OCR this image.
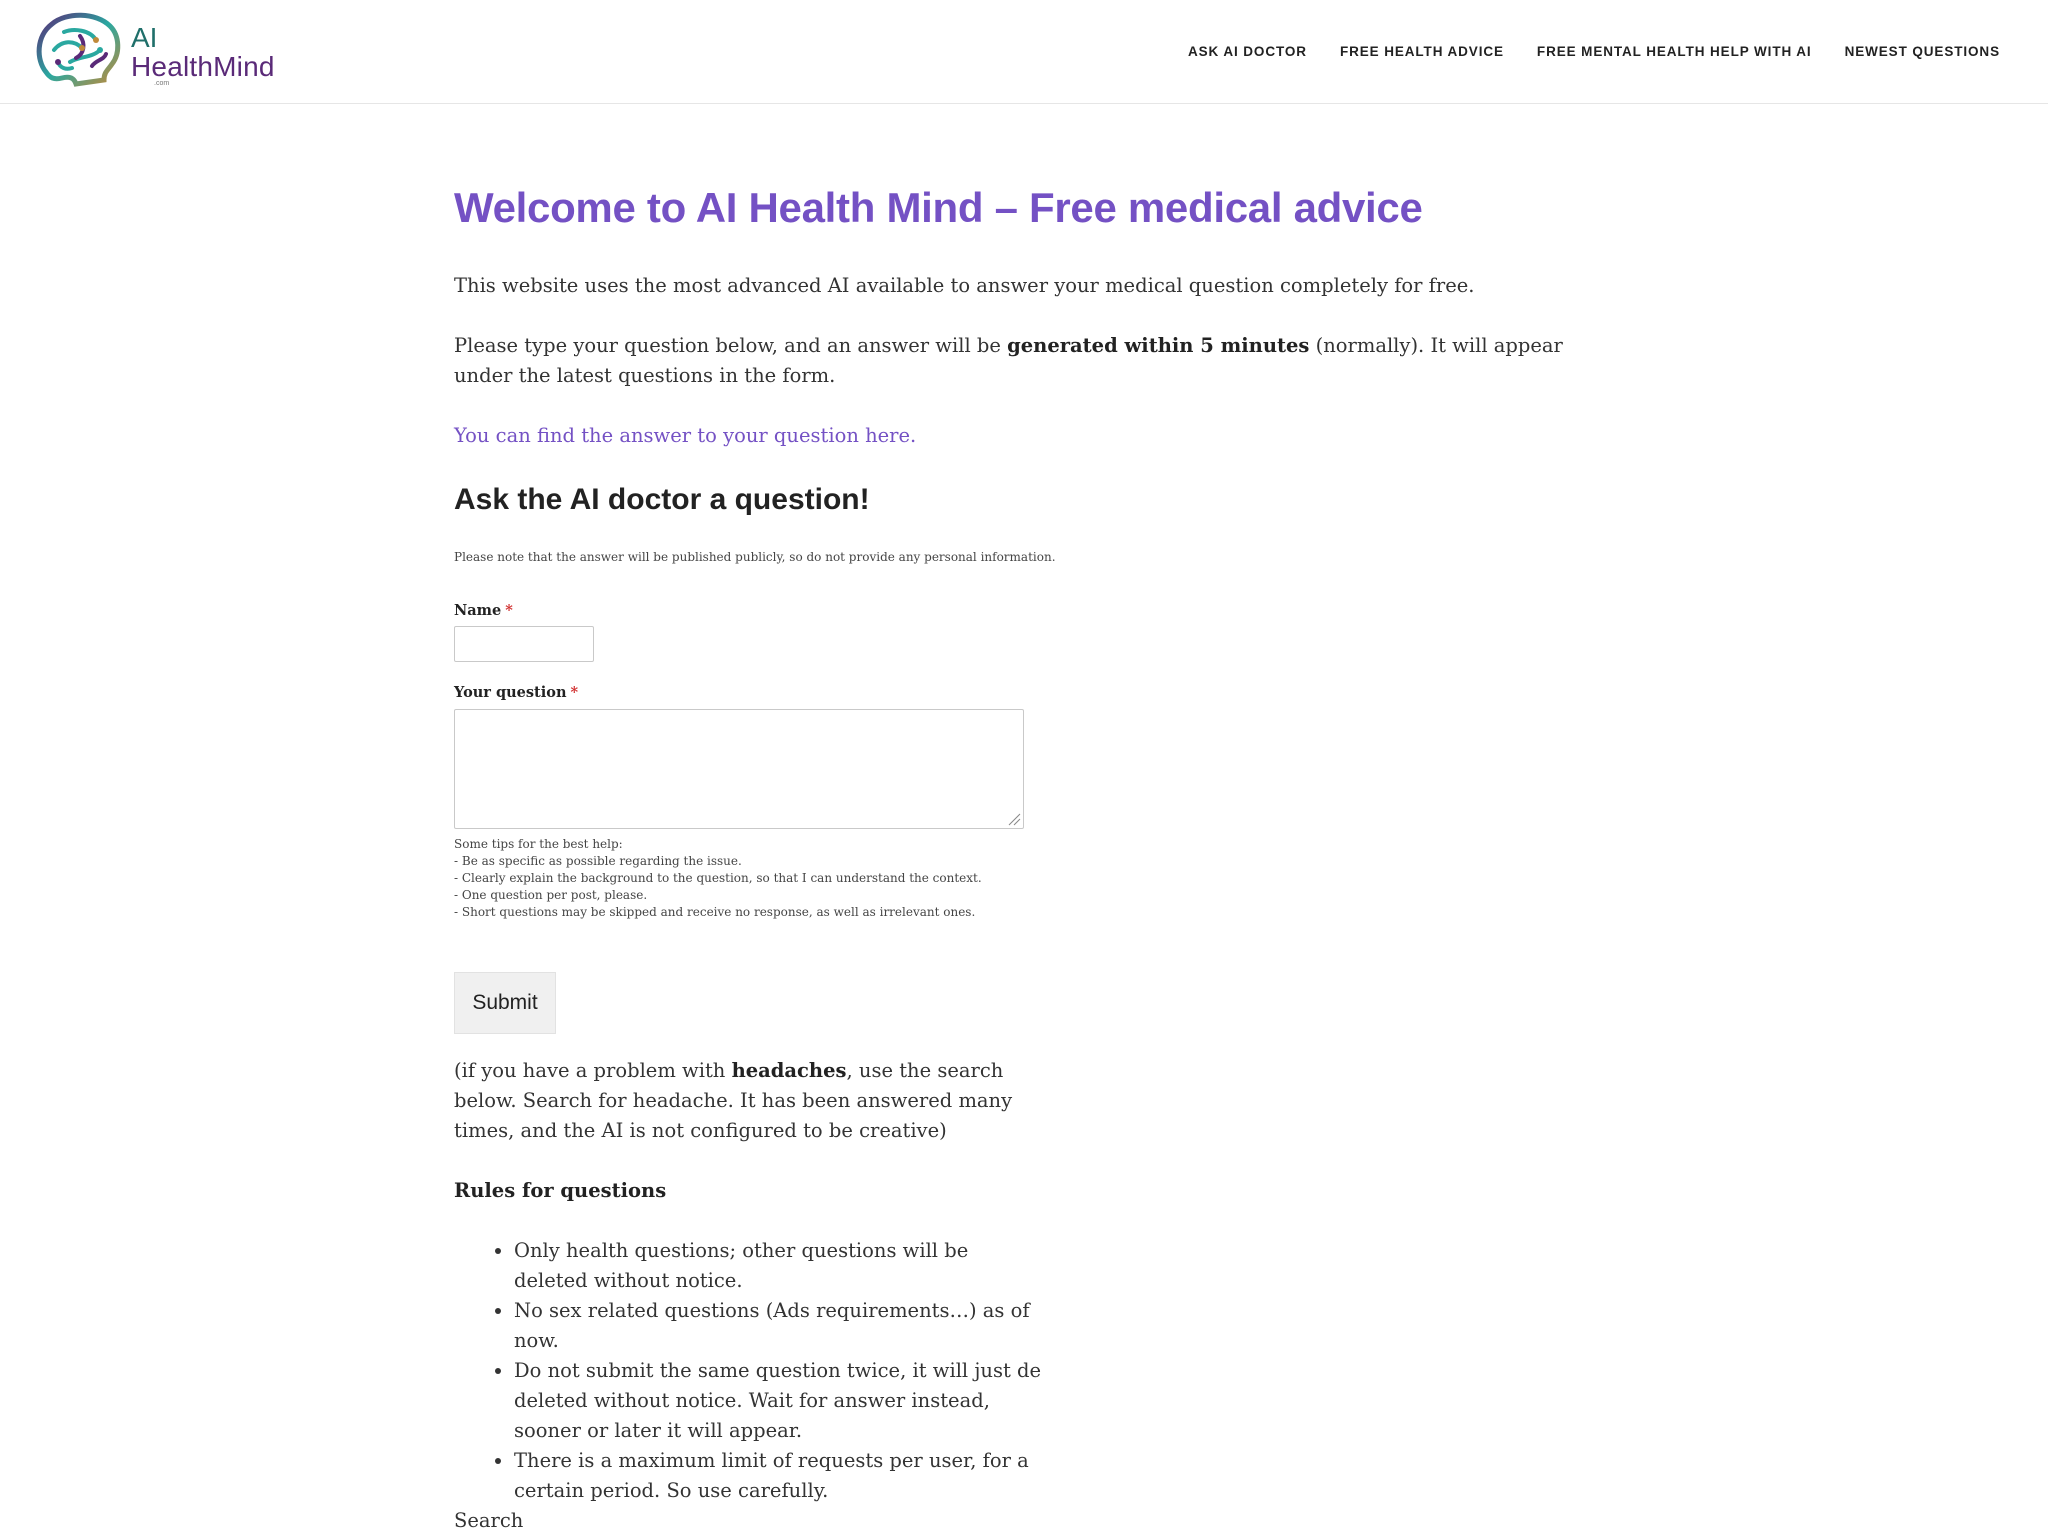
AI
HealthMind
.com
ASK AI DOCTOR FREE HEALTH ADVICE FREE MENTAL HEALTH HELP WITH AI NEWEST QUESTIONS
Welcome to AI Health Mind – Free medical advice

This website uses the most advanced AI available to answer your medical question completely for free.

Please type your question below, and an answer will be generated within 5 minutes (normally). It will appear under the latest questions in the form.

You can find the answer to your question here.

Ask the AI doctor a question!
Please note that the answer will be published publicly, so do not provide any personal information.
Name *
Your question *
Some tips for the best help:
- Be as specific as possible regarding the issue.
- Clearly explain the background to the question, so that I can understand the context.
- One question per post, please.
- Short questions may be skipped and receive no response, as well as irrelevant ones.
Submit

(if you have a problem with headaches, use the search below. Search for headache. It has been answered many times, and the AI is not configured to be creative)

Rules for questions

• Only health questions; other questions will be deleted without notice.
• No sex related questions (Ads requirements…) as of now.
• Do not submit the same question twice, it will just de deleted without notice. Wait for answer instead, sooner or later it will appear.
• There is a maximum limit of requests per user, for a certain period. So use carefully.

Search
